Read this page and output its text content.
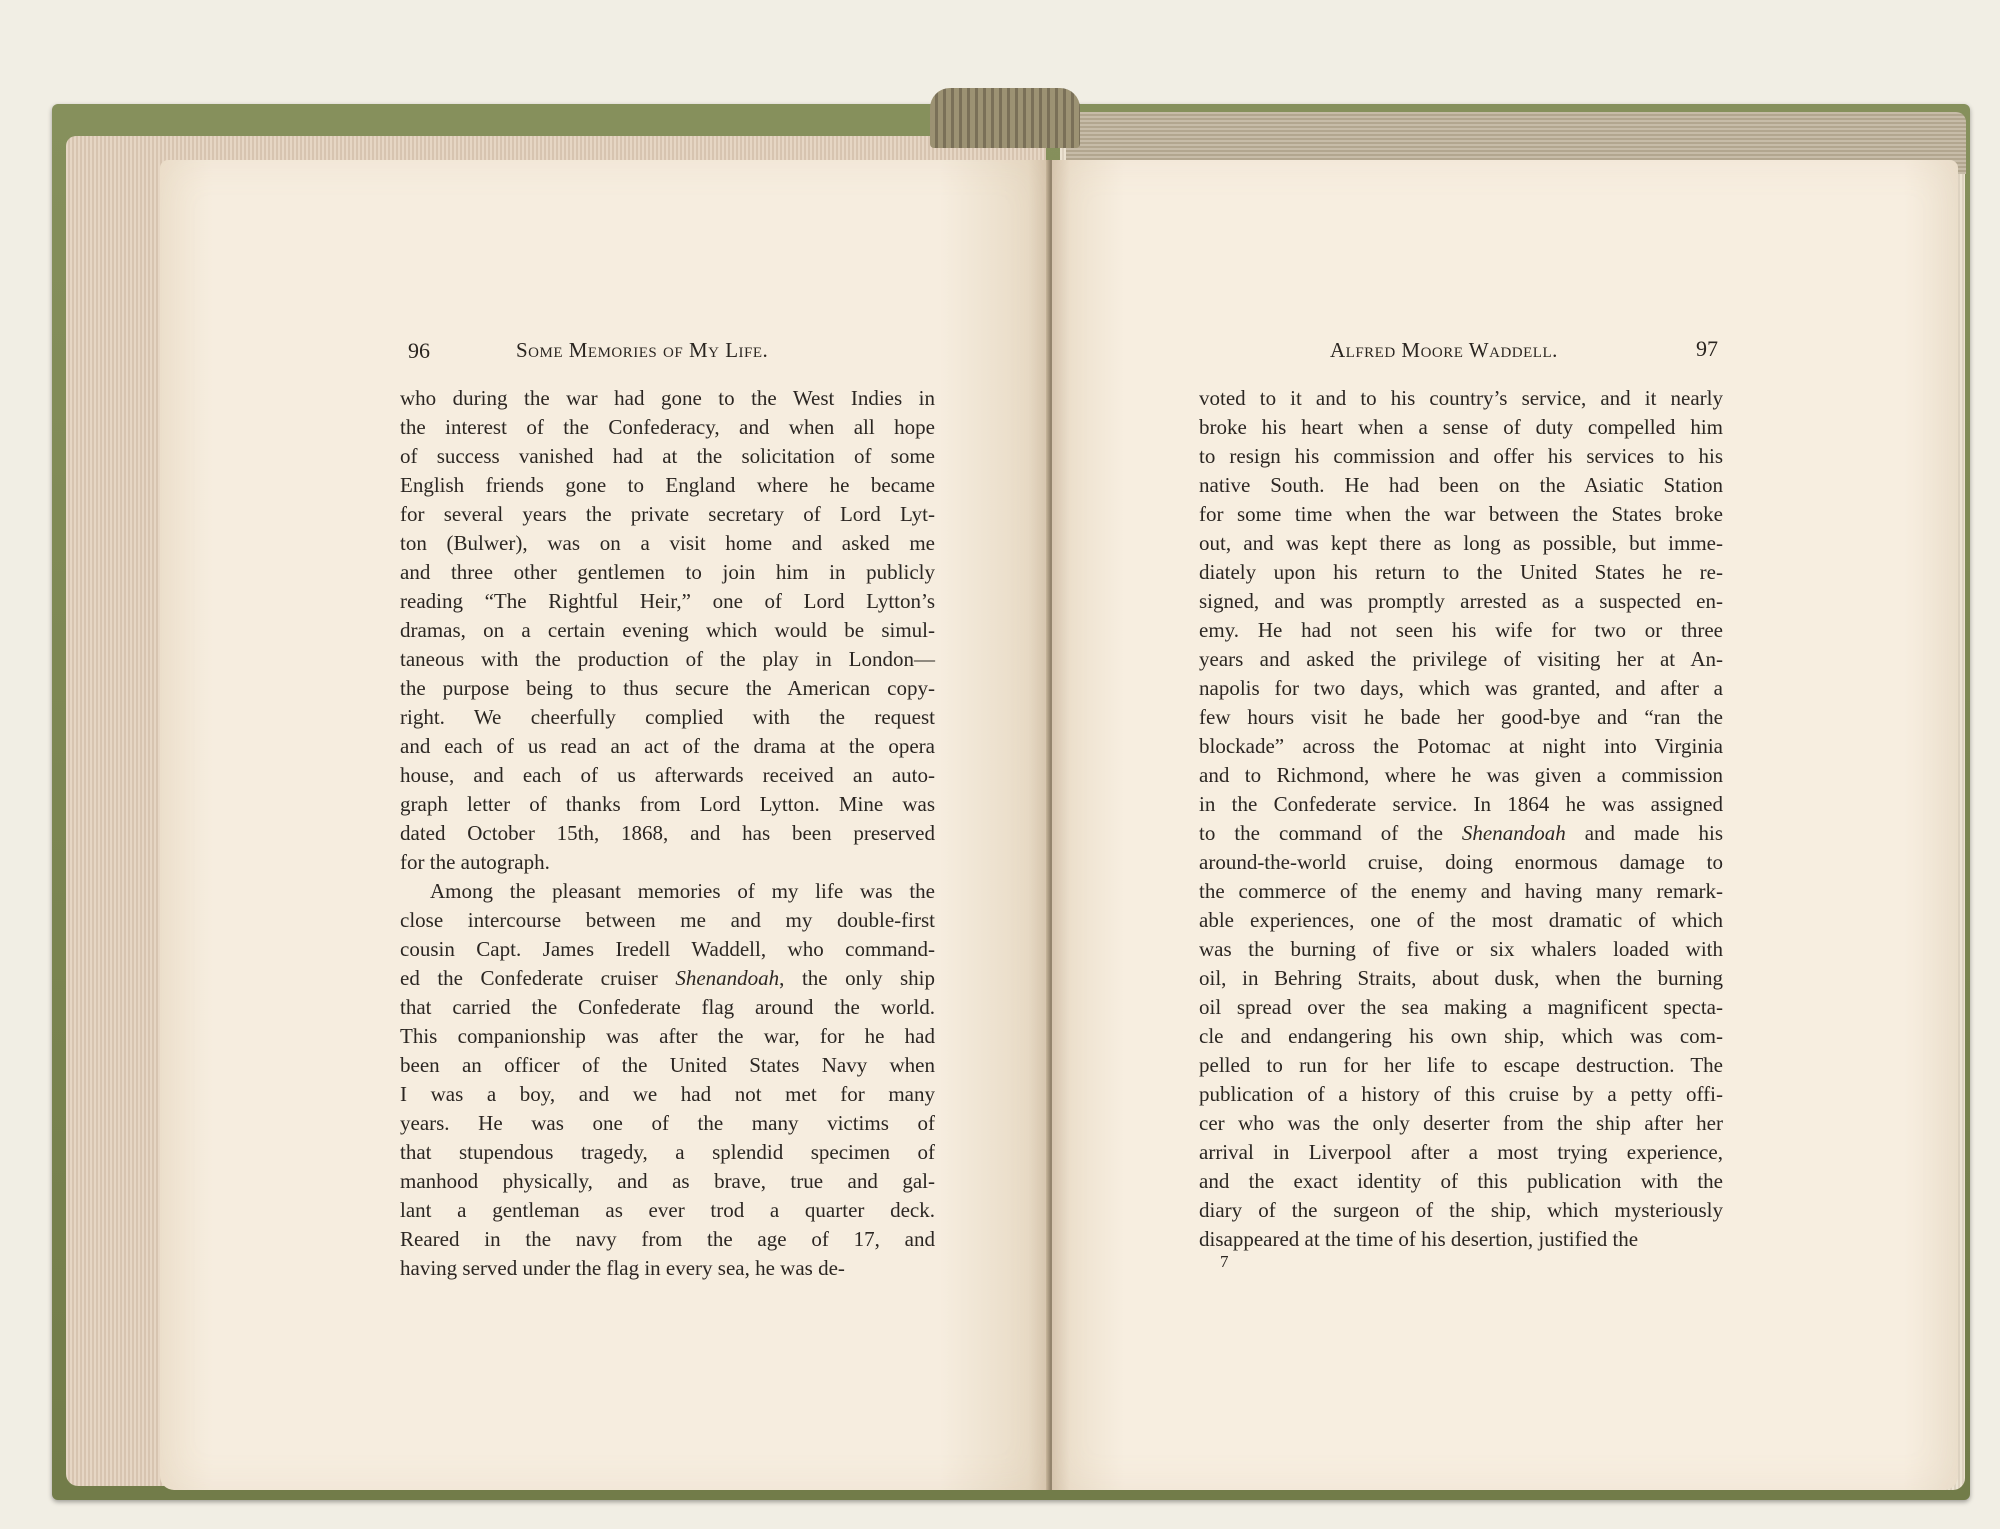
96	Some Memories of My Life.
who during the war had gone to the West Indies in
the interest of the Confederacy, and when all hope
of success vanished had at the solicitation of some
English friends gone to England where he became
for several years the private secretary of Lord Lyt-
ton (Bulwer), was on a visit home and asked me
and three other gentlemen to join him in publicly
reading “The Rightful Heir,” one of Lord Lytton’s
dramas, on a certain evening which would be simul-
taneous with the production of the play in London—
the purpose being to thus secure the American copy-
right. We cheerfully complied with the request
and each of us read an act of the drama at the opera
house, and each of us afterwards received an auto-
graph letter of thanks from Lord Lytton. Mine was
dated October 15th, 1868, and has been preserved
for the autograph.
Among the pleasant memories of my life was the
close intercourse between me and my double-first
cousin Capt. James Iredell Waddell, who command-
ed the Confederate cruiser Shenandoah, the only ship
that carried the Confederate flag around the world.
This companionship was after the war, for he had
been an officer of the United States Navy when
I was a boy, and we had not met for many
years. He was one of the many victims of
that stupendous tragedy, a splendid specimen of
manhood physically, and as brave, true and gal-
lant a gentleman as ever trod a quarter deck.
Reared in the navy from the age of 17, and
having served under the flag in every sea, he was de-
Alfred Moore Waddell.	97
voted to it and to his country’s service, and it nearly
broke his heart when a sense of duty compelled him
to resign his commission and offer his services to his
native South. He had been on the Asiatic Station
for some time when the war between the States broke
out, and was kept there as long as possible, but imme-
diately upon his return to the United States he re-
signed, and was promptly arrested as a suspected en-
emy. He had not seen his wife for two or three
years and asked the privilege of visiting her at An-
napolis for two days, which was granted, and after a
few hours visit he bade her good-bye and “ran the
blockade” across the Potomac at night into Virginia
and to Richmond, where he was given a commission
in the Confederate service. In 1864 he was assigned
to the command of the Shenandoah and made his
around-the-world cruise, doing enormous damage to
the commerce of the enemy and having many remark-
able experiences, one of the most dramatic of which
was the burning of five or six whalers loaded with
oil, in Behring Straits, about dusk, when the burning
oil spread over the sea making a magnificent specta-
cle and endangering his own ship, which was com-
pelled to run for her life to escape destruction. The
publication of a history of this cruise by a petty offi-
cer who was the only deserter from the ship after her
arrival in Liverpool after a most trying experience,
and the exact identity of this publication with the
diary of the surgeon of the ship, which mysteriously
disappeared at the time of his desertion, justified the
7
